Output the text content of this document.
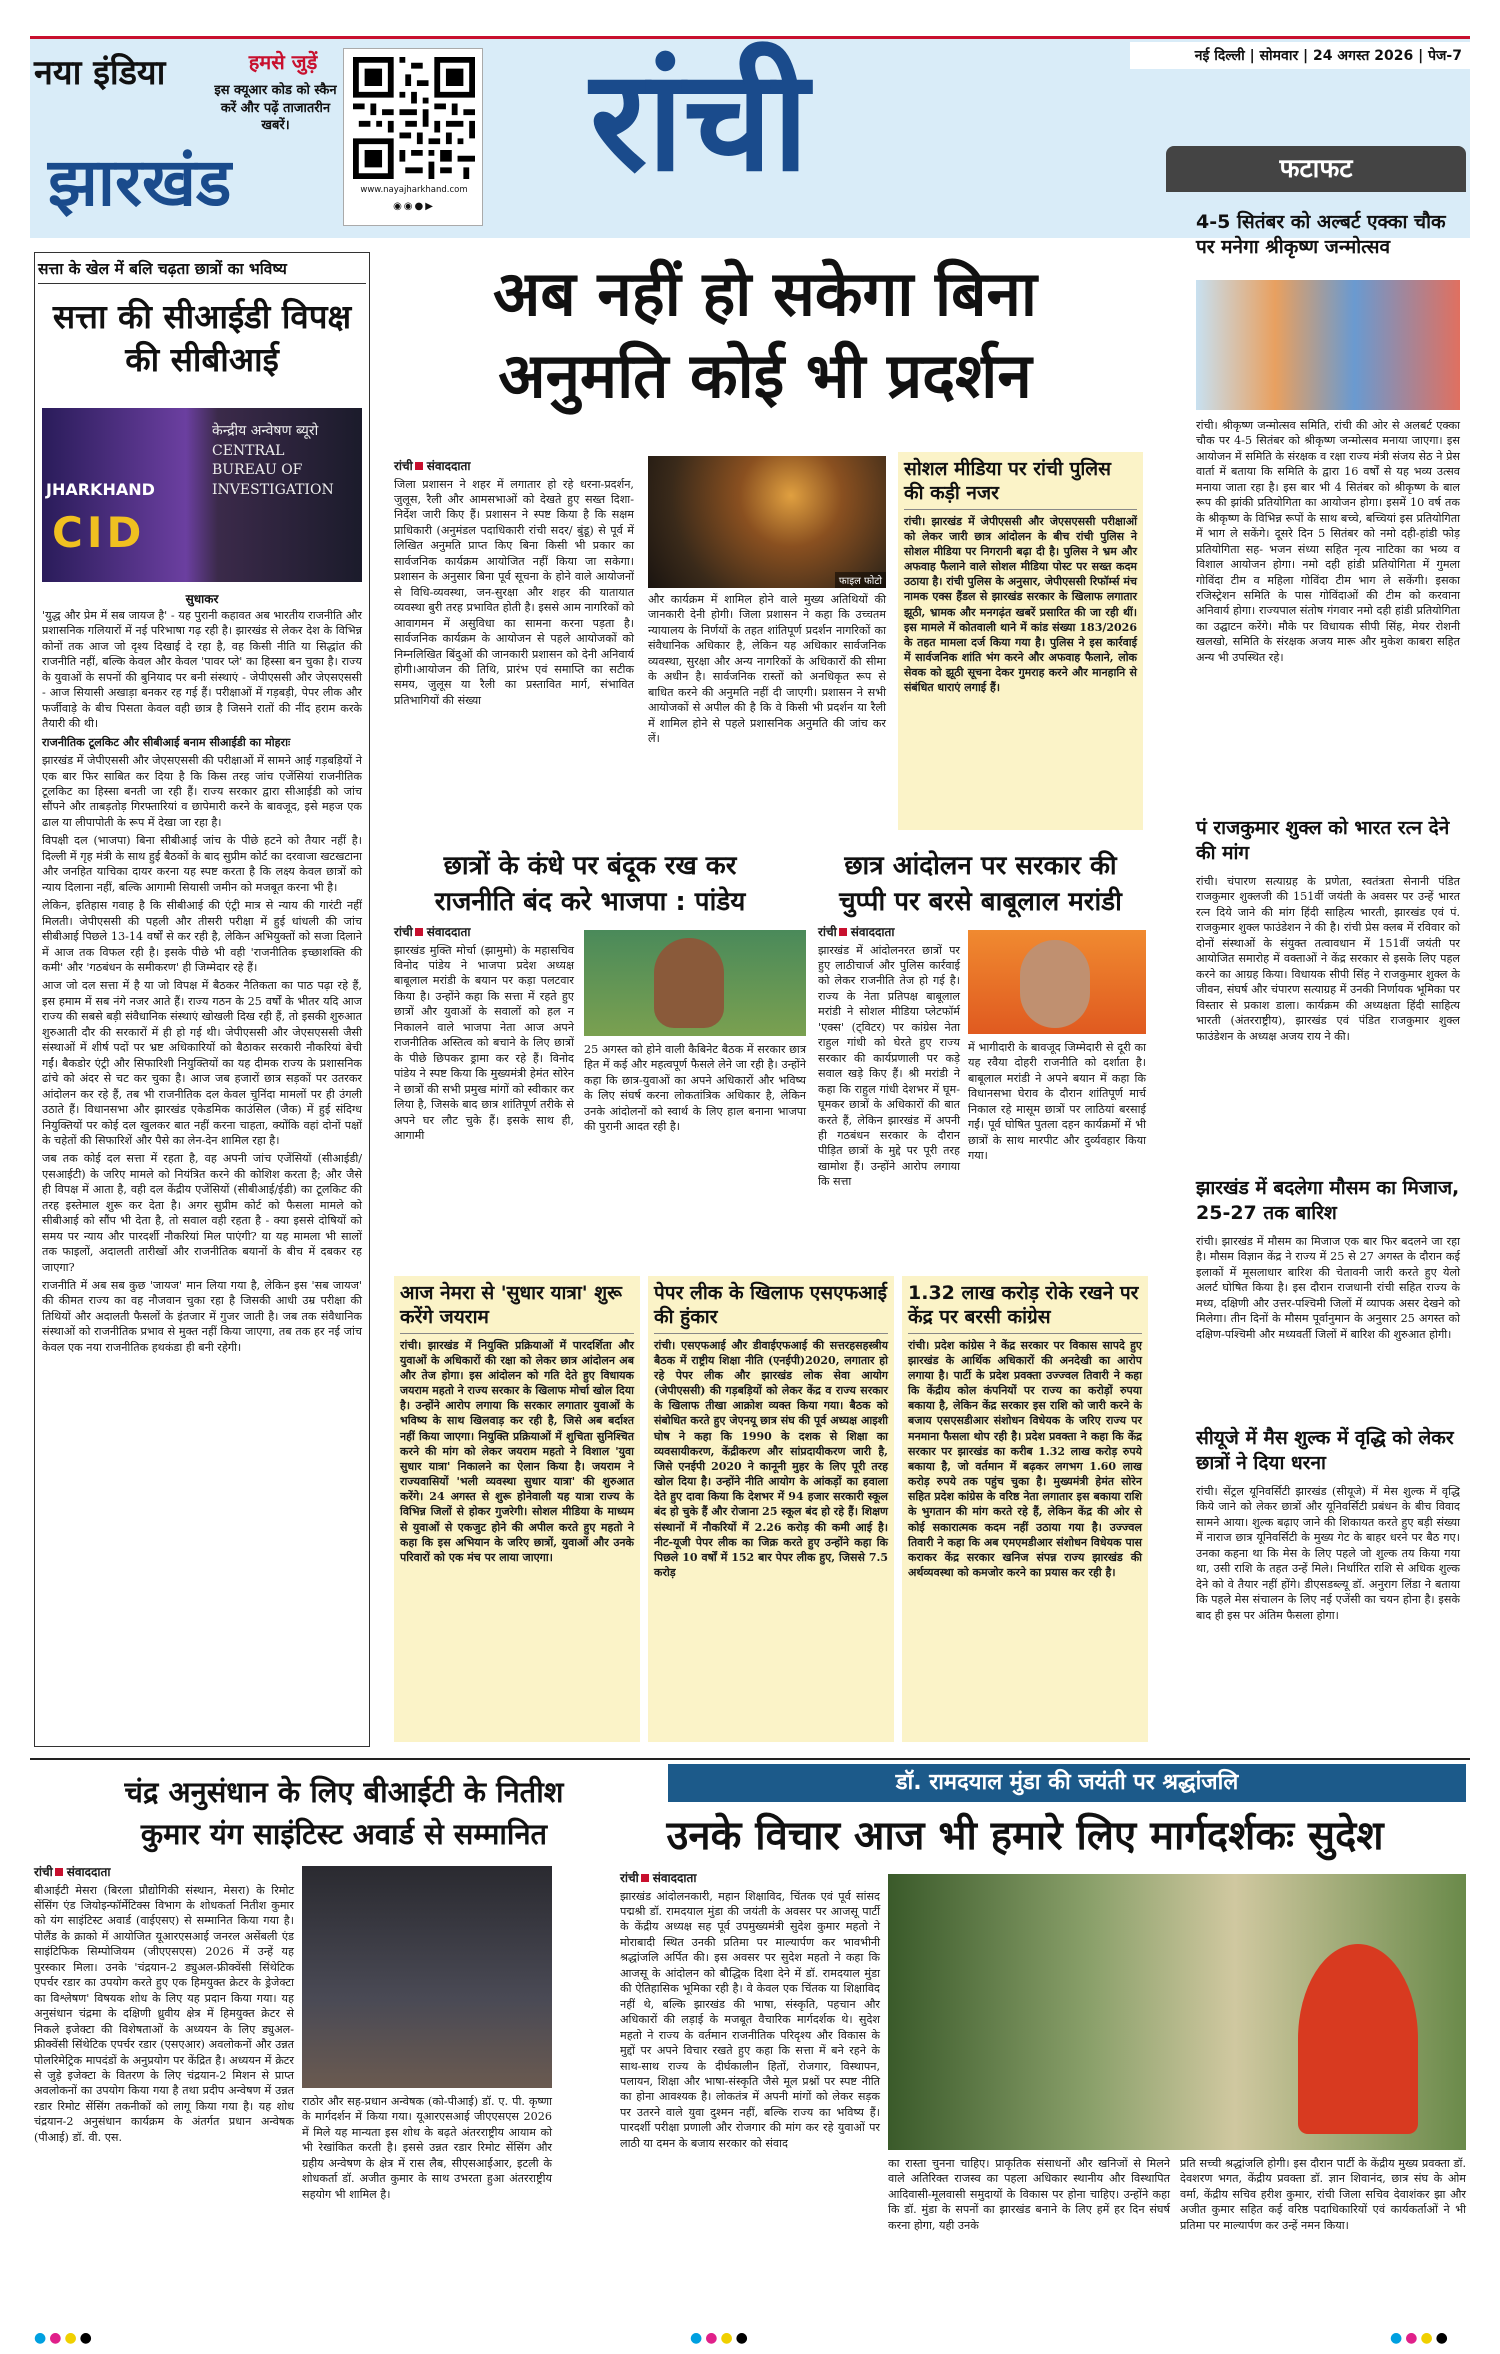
नया इंडिया
झारखंड
हमसे जुड़ें
इस क्यूआर कोड को स्कैन करें और पढ़ें ताजातरीन खबरें।
www.nayajharkhand.com
◉◉●▶
रांची	नई दिल्ली | सोमवार | 24 अगस्त 2026 | पेज-7
सत्ता के खेल में बलि चढ़ता छात्रों का भविष्य
सत्ता की सीआईडी विपक्ष की सीबीआई
JHARKHAND
CID
केन्द्रीय अन्वेषण ब्यूरो CENTRAL BUREAU OF INVESTIGATION
सुधाकर

'युद्ध और प्रेम में सब जायज है' - यह पुरानी कहावत अब भारतीय राजनीति और प्रशासनिक गलियारों में नई परिभाषा गढ़ रही है। झारखंड से लेकर देश के विभिन्न कोनों तक आज जो दृश्य दिखाई दे रहा है, वह किसी नीति या सिद्धांत की राजनीति नहीं, बल्कि केवल और केवल 'पावर प्ले' का हिस्सा बन चुका है। राज्य के युवाओं के सपनों की बुनियाद पर बनी संस्थाएं - जेपीएससी और जेएसएससी - आज सियासी अखाड़ा बनकर रह गई हैं। परीक्षाओं में गड़बड़ी, पेपर लीक और फर्जीवाड़े के बीच पिसता केवल वही छात्र है जिसने रातों की नींद हराम करके तैयारी की थी।

राजनीतिक टूलकिट और सीबीआई बनाम सीआईडी का मोहराः

झारखंड में जेपीएससी और जेएसएससी की परीक्षाओं में सामने आई गड़बड़ियों ने एक बार फिर साबित कर दिया है कि किस तरह जांच एजेंसियां राजनीतिक टूलकिट का हिस्सा बनती जा रही हैं। राज्य सरकार द्वारा सीआईडी को जांच सौंपने और ताबड़तोड़ गिरफ्तारियां व छापेमारी करने के बावजूद, इसे महज एक ढाल या लीपापोती के रूप में देखा जा रहा है।

विपक्षी दल (भाजपा) बिना सीबीआई जांच के पीछे हटने को तैयार नहीं है। दिल्ली में गृह मंत्री के साथ हुई बैठकों के बाद सुप्रीम कोर्ट का दरवाजा खटखटाना और जनहित याचिका दायर करना यह स्पष्ट करता है कि लक्ष्य केवल छात्रों को न्याय दिलाना नहीं, बल्कि आगामी सियासी जमीन को मजबूत करना भी है।

लेकिन, इतिहास गवाह है कि सीबीआई की एंट्री मात्र से न्याय की गारंटी नहीं मिलती। जेपीएससी की पहली और तीसरी परीक्षा में हुई धांधली की जांच सीबीआई पिछले 13-14 वर्षों से कर रही है, लेकिन अभियुक्तों को सजा दिलाने में आज तक विफल रही है। इसके पीछे भी वही 'राजनीतिक इच्छाशक्ति की कमी' और 'गठबंधन के समीकरण' ही जिम्मेदार रहे हैं।

आज जो दल सत्ता में है या जो विपक्ष में बैठकर नैतिकता का पाठ पढ़ा रहे हैं, इस हमाम में सब नंगे नजर आते हैं। राज्य गठन के 25 वर्षों के भीतर यदि आज राज्य की सबसे बड़ी संवैधानिक संस्थाएं खोखली दिख रही हैं, तो इसकी शुरुआत शुरुआती दौर की सरकारों में ही हो गई थी। जेपीएससी और जेएसएससी जैसी संस्थाओं में शीर्ष पदों पर भ्रष्ट अधिकारियों को बैठाकर सरकारी नौकरियां बेची गईं। बैकडोर एंट्री और सिफारिशी नियुक्तियों का यह दीमक राज्य के प्रशासनिक ढांचे को अंदर से चट कर चुका है। आज जब हजारों छात्र सड़कों पर उतरकर आंदोलन कर रहे हैं, तब भी राजनीतिक दल केवल चुनिंदा मामलों पर ही उंगली उठाते हैं। विधानसभा और झारखंड एकेडमिक काउंसिल (जैक) में हुई संदिग्ध नियुक्तियों पर कोई दल खुलकर बात नहीं करना चाहता, क्योंकि वहां दोनों पक्षों के चहेतों की सिफारिशें और पैसे का लेन-देन शामिल रहा है।

जब तक कोई दल सत्ता में रहता है, वह अपनी जांच एजेंसियों (सीआईडी/एसआईटी) के जरिए मामले को नियंत्रित करने की कोशिश करता है; और जैसे ही विपक्ष में आता है, वही दल केंद्रीय एजेंसियों (सीबीआई/ईडी) का टूलकिट की तरह इस्तेमाल शुरू कर देता है। अगर सुप्रीम कोर्ट को फैसला मामले को सीबीआई को सौंप भी देता है, तो सवाल वही रहता है - क्या इससे दोषियों को समय पर न्याय और पारदर्शी नौकरियां मिल पाएंगी? या यह मामला भी सालों तक फाइलों, अदालती तारीखों और राजनीतिक बयानों के बीच में दबकर रह जाएगा?

राजनीति में अब सब कुछ 'जायज' मान लिया गया है, लेकिन इस 'सब जायज' की कीमत राज्य का वह नौजवान चुका रहा है जिसकी आधी उम्र परीक्षा की तिथियों और अदालती फैसलों के इंतजार में गुजर जाती है। जब तक संवैधानिक संस्थाओं को राजनीतिक प्रभाव से मुक्त नहीं किया जाएगा, तब तक हर नई जांच केवल एक नया राजनीतिक हथकंडा ही बनी रहेगी।

अब नहीं हो सकेगा बिना
अनुमति कोई भी प्रदर्शन
रांची संवाददाता

जिला प्रशासन ने शहर में लगातार हो रहे धरना-प्रदर्शन, जुलूस, रैली और आमसभाओं को देखते हुए सख्त दिशा-निर्देश जारी किए हैं। प्रशासन ने स्पष्ट किया है कि सक्षम प्राधिकारी (अनुमंडल पदाधिकारी रांची सदर/ बुंडू) से पूर्व में लिखित अनुमति प्राप्त किए बिना किसी भी प्रकार का सार्वजनिक कार्यक्रम आयोजित नहीं किया जा सकेगा। प्रशासन के अनुसार बिना पूर्व सूचना के होने वाले आयोजनों से विधि-व्यवस्था, जन-सुरक्षा और शहर की यातायात व्यवस्था बुरी तरह प्रभावित होती है। इससे आम नागरिकों को आवागमन में असुविधा का सामना करना पड़ता है। सार्वजनिक कार्यक्रम के आयोजन से पहले आयोजकों को निम्नलिखित बिंदुओं की जानकारी प्रशासन को देनी अनिवार्य होगी।आयोजन की तिथि, प्रारंभ एवं समाप्ति का सटीक समय, जुलूस या रैली का प्रस्तावित मार्ग, संभावित प्रतिभागियों की संख्या

फाइल फोटो

और कार्यक्रम में शामिल होने वाले मुख्य अतिथियों की जानकारी देनी होगी। जिला प्रशासन ने कहा कि उच्चतम न्यायालय के निर्णयों के तहत शांतिपूर्ण प्रदर्शन नागरिकों का संवैधानिक अधिकार है, लेकिन यह अधिकार सार्वजनिक व्यवस्था, सुरक्षा और अन्य नागरिकों के अधिकारों की सीमा के अधीन है। सार्वजनिक रास्तों को अनधिकृत रूप से बाधित करने की अनुमति नहीं दी जाएगी। प्रशासन ने सभी आयोजकों से अपील की है कि वे किसी भी प्रदर्शन या रैली में शामिल होने से पहले प्रशासनिक अनुमति की जांच कर लें।

सोशल मीडिया पर रांची पुलिस की कड़ी नजर
रांची। झारखंड में जेपीएससी और जेएसएससी परीक्षाओं को लेकर जारी छात्र आंदोलन के बीच रांची पुलिस ने सोशल मीडिया पर निगरानी बढ़ा दी है। पुलिस ने भ्रम और अफवाह फैलाने वाले सोशल मीडिया पोस्ट पर सख्त कदम उठाया है। रांची पुलिस के अनुसार, जेपीएससी रिफॉर्म्स मंच नामक एक्स हैंडल से झारखंड सरकार के खिलाफ लगातार झूठी, भ्रामक और मनगढ़ंत खबरें प्रसारित की जा रही थीं। इस मामले में कोतवाली थाने में कांड संख्या 183/2026 के तहत मामला दर्ज किया गया है। पुलिस ने इस कार्रवाई में सार्वजनिक शांति भंग करने और अफवाह फैलाने, लोक सेवक को झूठी सूचना देकर गुमराह करने और मानहानि से संबंधित धाराएं लगाई हैं।
छात्रों के कंधे पर बंदूक रख कर
राजनीति बंद करे भाजपा : पांडेय
रांची संवाददाता

झारखंड मुक्ति मोर्चा (झामुमो) के महासचिव विनोद पांडेय ने भाजपा प्रदेश अध्यक्ष बाबूलाल मरांडी के बयान पर कड़ा पलटवार किया है। उन्होंने कहा कि सत्ता में रहते हुए छात्रों और युवाओं के सवालों को हल न निकालने वाले भाजपा नेता आज अपने राजनीतिक अस्तित्व को बचाने के लिए छात्रों के पीछे छिपकर ड्रामा कर रहे हैं। विनोद पांडेय ने स्पष्ट किया कि मुख्यमंत्री हेमंत सोरेन ने छात्रों की सभी प्रमुख मांगों को स्वीकार कर लिया है, जिसके बाद छात्र शांतिपूर्ण तरीके से अपने घर लौट चुके हैं। इसके साथ ही, आगामी

25 अगस्त को होने वाली कैबिनेट बैठक में सरकार छात्र हित में कई और महत्वपूर्ण फैसले लेने जा रही है। उन्होंने कहा कि छात्र-युवाओं का अपने अधिकारों और भविष्य के लिए संघर्ष करना लोकतांत्रिक अधिकार है, लेकिन उनके आंदोलनों को स्वार्थ के लिए हाल बनाना भाजपा की पुरानी आदत रही है।

छात्र आंदोलन पर सरकार की
चुप्पी पर बरसे बाबूलाल मरांडी
रांची संवाददाता

झारखंड में आंदोलनरत छात्रों पर हुए लाठीचार्ज और पुलिस कार्रवाई को लेकर राजनीति तेज हो गई है। राज्य के नेता प्रतिपक्ष बाबूलाल मरांडी ने सोशल मीडिया प्लेटफॉर्म 'एक्स' (ट्विटर) पर कांग्रेस नेता राहुल गांधी को घेरते हुए राज्य सरकार की कार्यप्रणाली पर कड़े सवाल खड़े किए हैं। श्री मरांडी ने कहा कि राहुल गांधी देशभर में घूम-घूमकर छात्रों के अधिकारों की बात करते हैं, लेकिन झारखंड में अपनी ही गठबंधन सरकार के दौरान पीड़ित छात्रों के मुद्दे पर पूरी तरह खामोश हैं। उन्होंने आरोप लगाया कि सत्ता

में भागीदारी के बावजूद जिम्मेदारी से दूरी का यह रवैया दोहरी राजनीति को दर्शाता है। बाबूलाल मरांडी ने अपने बयान में कहा कि विधानसभा घेराव के दौरान शांतिपूर्ण मार्च निकाल रहे मासूम छात्रों पर लाठियां बरसाई गईं। पूर्व घोषित पुतला दहन कार्यक्रमों में भी छात्रों के साथ मारपीट और दुर्व्यवहार किया गया।

आज नेमरा से 'सुधार यात्रा' शुरू करेंगे जयराम
रांची। झारखंड में नियुक्ति प्रक्रियाओं में पारदर्शिता और युवाओं के अधिकारों की रक्षा को लेकर छात्र आंदोलन अब और तेज होगा। इस आंदोलन को गति देते हुए विधायक जयराम महतो ने राज्य सरकार के खिलाफ मोर्चा खोल दिया है। उन्होंने आरोप लगाया कि सरकार लगातार युवाओं के भविष्य के साथ खिलवाड़ कर रही है, जिसे अब बर्दाश्त नहीं किया जाएगा। नियुक्ति प्रक्रियाओं में शुचिता सुनिश्चित करने की मांग को लेकर जयराम महतो ने विशाल 'युवा सुधार यात्रा' निकालने का ऐलान किया है। जयराम ने राज्यवासियों 'भली व्यवस्था सुधार यात्रा' की शुरुआत करेंगे। 24 अगस्त से शुरू होनेवाली यह यात्रा राज्य के विभिन्न जिलों से होकर गुजरेगी। सोशल मीडिया के माध्यम से युवाओं से एकजुट होने की अपील करते हुए महतो ने कहा कि इस अभियान के जरिए छात्रों, युवाओं और उनके परिवारों को एक मंच पर लाया जाएगा।
पेपर लीक के खिलाफ एसएफआई की हुंकार
रांची। एसएफआई और डीवाईएफआई की सत्तरहसहस्त्रीय बैठक में राष्ट्रीय शिक्षा नीति (एनईपी)2020, लगातार हो रहे पेपर लीक और झारखंड लोक सेवा आयोग (जेपीएससी) की गड़बड़ियों को लेकर केंद्र व राज्य सरकार के खिलाफ तीखा आक्रोश व्यक्त किया गया। बैठक को संबोधित करते हुए जेएनयू छात्र संघ की पूर्व अध्यक्ष आइशी घोष ने कहा कि 1990 के दशक से शिक्षा का व्यवसायीकरण, केंद्रीकरण और सांप्रदायीकरण जारी है, जिसे एनईपी 2020 ने कानूनी मुहर के लिए पूरी तरह खोल दिया है। उन्होंने नीति आयोग के आंकड़ों का हवाला देते हुए दावा किया कि देशभर में 94 हजार सरकारी स्कूल बंद हो चुके हैं और रोजाना 25 स्कूल बंद हो रहे हैं। शिक्षण संस्थानों में नौकरियों में 2.26 करोड़ की कमी आई है। नीट-यूजी पेपर लीक का जिक्र करते हुए उन्होंने कहा कि पिछले 10 वर्षों में 152 बार पेपर लीक हुए, जिससे 7.5 करोड़
1.32 लाख करोड़ रोके रखने पर केंद्र पर बरसी कांग्रेस
रांची। प्रदेश कांग्रेस ने केंद्र सरकार पर विकास सापदे हुए झारखंड के आर्थिक अधिकारों की अनदेखी का आरोप लगाया है। पार्टी के प्रदेश प्रवक्ता उज्ज्वल तिवारी ने कहा कि केंद्रीय कोल कंपनियों पर राज्य का करोड़ों रुपया बकाया है, लेकिन केंद्र सरकार इस राशि को जारी करने के बजाय एसएसडीआर संशोधन विधेयक के जरिए राज्य पर मनमाना फैसला थोप रही है। प्रदेश प्रवक्ता ने कहा कि केंद्र सरकार पर झारखंड का करीब 1.32 लाख करोड़ रुपये बकाया है, जो वर्तमान में बढ़कर लगभग 1.60 लाख करोड़ रुपये तक पहुंच चुका है। मुख्यमंत्री हेमंत सोरेन सहित प्रदेश कांग्रेस के वरिष्ठ नेता लगातार इस बकाया राशि के भुगतान की मांग करते रहे हैं, लेकिन केंद्र की ओर से कोई सकारात्मक कदम नहीं उठाया गया है। उज्ज्वल तिवारी ने कहा कि अब एमएमडीआर संशोधन विधेयक पास कराकर केंद्र सरकार खनिज संपन्न राज्य झारखंड की अर्थव्यवस्था को कमजोर करने का प्रयास कर रही है।
फटाफट
4-5 सितंबर को अल्बर्ट एक्का चौक पर मनेगा श्रीकृष्ण जन्मोत्सव
रांची। श्रीकृष्ण जन्मोत्सव समिति, रांची की ओर से अलबर्ट एक्का चौक पर 4-5 सितंबर को श्रीकृष्ण जन्मोत्सव मनाया जाएगा। इस आयोजन में समिति के संरक्षक व रक्षा राज्य मंत्री संजय सेठ ने प्रेस वार्ता में बताया कि समिति के द्वारा 16 वर्षों से यह भव्य उत्सव मनाया जाता रहा है। इस बार भी 4 सितंबर को श्रीकृष्ण के बाल रूप की झांकी प्रतियोगिता का आयोजन होगा। इसमें 10 वर्ष तक के श्रीकृष्ण के विभिन्न रूपों के साथ बच्चे, बच्चियां इस प्रतियोगिता में भाग ले सकेंगे। दूसरे दिन 5 सितंबर को नमो दही-हांडी फोड़ प्रतियोगिता सह- भजन संध्या सहित नृत्य नाटिका का भव्य व विशाल आयोजन होगा। नमो दही हांडी प्रतियोगिता में गुमला गोविंदा टीम व महिला गोविंदा टीम भाग ले सकेंगी। इसका रजिस्ट्रेशन समिति के पास गोविंदाओं की टीम को करवाना अनिवार्य होगा। राज्यपाल संतोष गंगवार नमो दही हांडी प्रतियोगिता का उद्घाटन करेंगे। मौके पर विधायक सीपी सिंह, मेयर रोशनी खलखो, समिति के संरक्षक अजय मारू और मुकेश काबरा सहित अन्य भी उपस्थित रहे।
पं राजकुमार शुक्ल को भारत रत्न देने की मांग
रांची। चंपारण सत्याग्रह के प्रणेता, स्वतंत्रता सेनानी पंडित राजकुमार शुक्लजी की 151वीं जयंती के अवसर पर उन्हें भारत रत्न दिये जाने की मांग हिंदी साहित्य भारती, झारखंड एवं पं. राजकुमार शुक्ल फाउंडेशन ने की है। रांची प्रेस क्लब में रविवार को दोनों संस्थाओं के संयुक्त तत्वावधान में 151वीं जयंती पर आयोजित समारोह में वक्ताओं ने केंद्र सरकार से इसके लिए पहल करने का आग्रह किया। विधायक सीपी सिंह ने राजकुमार शुक्ल के जीवन, संघर्ष और चंपारण सत्याग्रह में उनकी निर्णायक भूमिका पर विस्तार से प्रकाश डाला। कार्यक्रम की अध्यक्षता हिंदी साहित्य भारती (अंतरराष्ट्रीय), झारखंड एवं पंडित राजकुमार शुक्ल फाउंडेशन के अध्यक्ष अजय राय ने की।
झारखंड में बदलेगा मौसम का मिजाज, 25-27 तक बारिश
रांची। झारखंड में मौसम का मिजाज एक बार फिर बदलने जा रहा है। मौसम विज्ञान केंद्र ने राज्य में 25 से 27 अगस्त के दौरान कई इलाकों में मूसलाधार बारिश की चेतावनी जारी करते हुए येलो अलर्ट घोषित किया है। इस दौरान राजधानी रांची सहित राज्य के मध्य, दक्षिणी और उत्तर-पश्चिमी जिलों में व्यापक असर देखने को मिलेगा। तीन दिनों के मौसम पूर्वानुमान के अनुसार 25 अगस्त को दक्षिण-पश्चिमी और मध्यवर्ती जिलों में बारिश की शुरुआत होगी।
सीयूजे में मैस शुल्क में वृद्धि को लेकर छात्रों ने दिया धरना
रांची। सेंट्रल यूनिवर्सिटी झारखंड (सीयूजे) में मेस शुल्क में वृद्धि किये जाने को लेकर छात्रों और यूनिवर्सिटी प्रबंधन के बीच विवाद सामने आया। शुल्क बढ़ाए जाने की शिकायत करते हुए बड़ी संख्या में नाराज छात्र यूनिवर्सिटी के मुख्य गेट के बाहर धरने पर बैठ गए। उनका कहना था कि मेस के लिए पहले जो शुल्क तय किया गया था, उसी राशि के तहत उन्हें मिले। निर्धारित राशि से अधिक शुल्क देने को वे तैयार नहीं होंगे। डीएसडब्ल्यू डॉ. अनुराग लिंडा ने बताया कि पहले मेस संचालन के लिए नई एजेंसी का चयन होना है। इसके बाद ही इस पर अंतिम फैसला होगा।
चंद्र अनुसंधान के लिए बीआईटी के नितीश
कुमार यंग साइंटिस्ट अवार्ड से सम्मानित
रांची संवाददाता

बीआईटी मेसरा (बिरला प्रौद्योगिकी संस्थान, मेसरा) के रिमोट सेंसिंग एंड जियोइन्फॉर्मेटिक्स विभाग के शोधकर्ता नितीश कुमार को यंग साइंटिस्ट अवार्ड (वाईएसए) से सम्मानित किया गया है। पोलैंड के क्राको में आयोजित यूआरएसआई जनरल असेंबली एंड साइंटिफिक सिम्पोजियम (जीएएसएस) 2026 में उन्हें यह पुरस्कार मिला। उनके 'चंद्रयान-2 ड्युअल-फ्रीक्वेंसी सिंथेटिक एपर्चर रडार का उपयोग करते हुए एक हिमयुक्त क्रेटर के ड्रेजेक्टा का विश्लेषण' विषयक शोध के लिए यह प्रदान किया गया। यह अनुसंधान चंद्रमा के दक्षिणी ध्रुवीय क्षेत्र में हिमयुक्त क्रेटर से निकले इजेक्टा की विशेषताओं के अध्ययन के लिए ड्युअल-फ्रीक्वेंसी सिंथेटिक एपर्चर रडार (एसएआर) अवलोकनों और उन्नत पोलरिमेट्रिक मापदंडों के अनुप्रयोग पर केंद्रित है। अध्ययन में क्रेटर से जुड़े इजेक्टा के वितरण के लिए चंद्रयान-2 मिशन से प्राप्त अवलोकनों का उपयोग किया गया है तथा प्रदीप अन्वेषण में उन्नत रडार रिमोट सेंसिंग तकनीकों को लागू किया गया है। यह शोध चंद्रयान-2 अनुसंधान कार्यक्रम के अंतर्गत प्रधान अन्वेषक (पीआई) डॉ. वी. एस.

राठोर और सह-प्रधान अन्वेषक (को-पीआई) डॉ. ए. पी. कृष्णा के मार्गदर्शन में किया गया। यूआरएसआई जीएएसएस 2026 में मिले यह मान्यता इस शोध के बढ़ते अंतरराष्ट्रीय आयाम को भी रेखांकित करती है। इससे उन्नत रडार रिमोट सेंसिंग और ग्रहीय अन्वेषण के क्षेत्र में रास लैब, सीएसआईआर, इटली के शोधकर्ता डॉ. अजीत कुमार के साथ उभरता हुआ अंतरराष्ट्रीय सहयोग भी शामिल है।

डॉ. रामदयाल मुंडा की जयंती पर श्रद्धांजलि
उनके विचार आज भी हमारे लिए मार्गदर्शकः सुदेश
रांची संवाददाता

झारखंड आंदोलनकारी, महान शिक्षाविद, चिंतक एवं पूर्व सांसद पद्मश्री डॉ. रामदयाल मुंडा की जयंती के अवसर पर आजसू पार्टी के केंद्रीय अध्यक्ष सह पूर्व उपमुख्यमंत्री सुदेश कुमार महतो ने मोराबादी स्थित उनकी प्रतिमा पर माल्यार्पण कर भावभीनी श्रद्धांजलि अर्पित की। इस अवसर पर सुदेश महतो ने कहा कि आजसू के आंदोलन को बौद्धिक दिशा देने में डॉ. रामदयाल मुंडा की ऐतिहासिक भूमिका रही है। वे केवल एक चिंतक या शिक्षाविद नहीं थे, बल्कि झारखंड की भाषा, संस्कृति, पहचान और अधिकारों की लड़ाई के मजबूत वैचारिक मार्गदर्शक थे। सुदेश महतो ने राज्य के वर्तमान राजनीतिक परिदृश्य और विकास के मुद्दों पर अपने विचार रखते हुए कहा कि सत्ता में बने रहने के साथ-साथ राज्य के दीर्घकालीन हितों, रोजगार, विस्थापन, पलायन, शिक्षा और भाषा-संस्कृति जैसे मूल प्रश्नों पर स्पष्ट नीति का होना आवश्यक है। लोकतंत्र में अपनी मांगों को लेकर सड़क पर उतरने वाले युवा दुश्मन नहीं, बल्कि राज्य का भविष्य हैं। पारदर्शी परीक्षा प्रणाली और रोजगार की मांग कर रहे युवाओं पर लाठी या दमन के बजाय सरकार को संवाद

का रास्ता चुनना चाहिए। प्राकृतिक संसाधनों और खनिजों से मिलने वाले अतिरिक्त राजस्व का पहला अधिकार स्थानीय और विस्थापित आदिवासी-मूलवासी समुदायों के विकास पर होना चाहिए। उन्होंने कहा कि डॉ. मुंडा के सपनों का झारखंड बनाने के लिए हमें हर दिन संघर्ष करना होगा, यही उनके

प्रति सच्ची श्रद्धांजलि होगी। इस दौरान पार्टी के केंद्रीय मुख्य प्रवक्ता डॉ. देवशरण भगत, केंद्रीय प्रवक्ता डॉ. ज्ञान शिवानंद, छात्र संघ के ओम वर्मा, केंद्रीय सचिव हरीश कुमार, रांची जिला सचिव देवाशंकर झा और अजीत कुमार सहित कई वरिष्ठ पदाधिकारियों एवं कार्यकर्ताओं ने भी प्रतिमा पर माल्यार्पण कर उन्हें नमन किया।

●●●●	●●●●	●●●●
